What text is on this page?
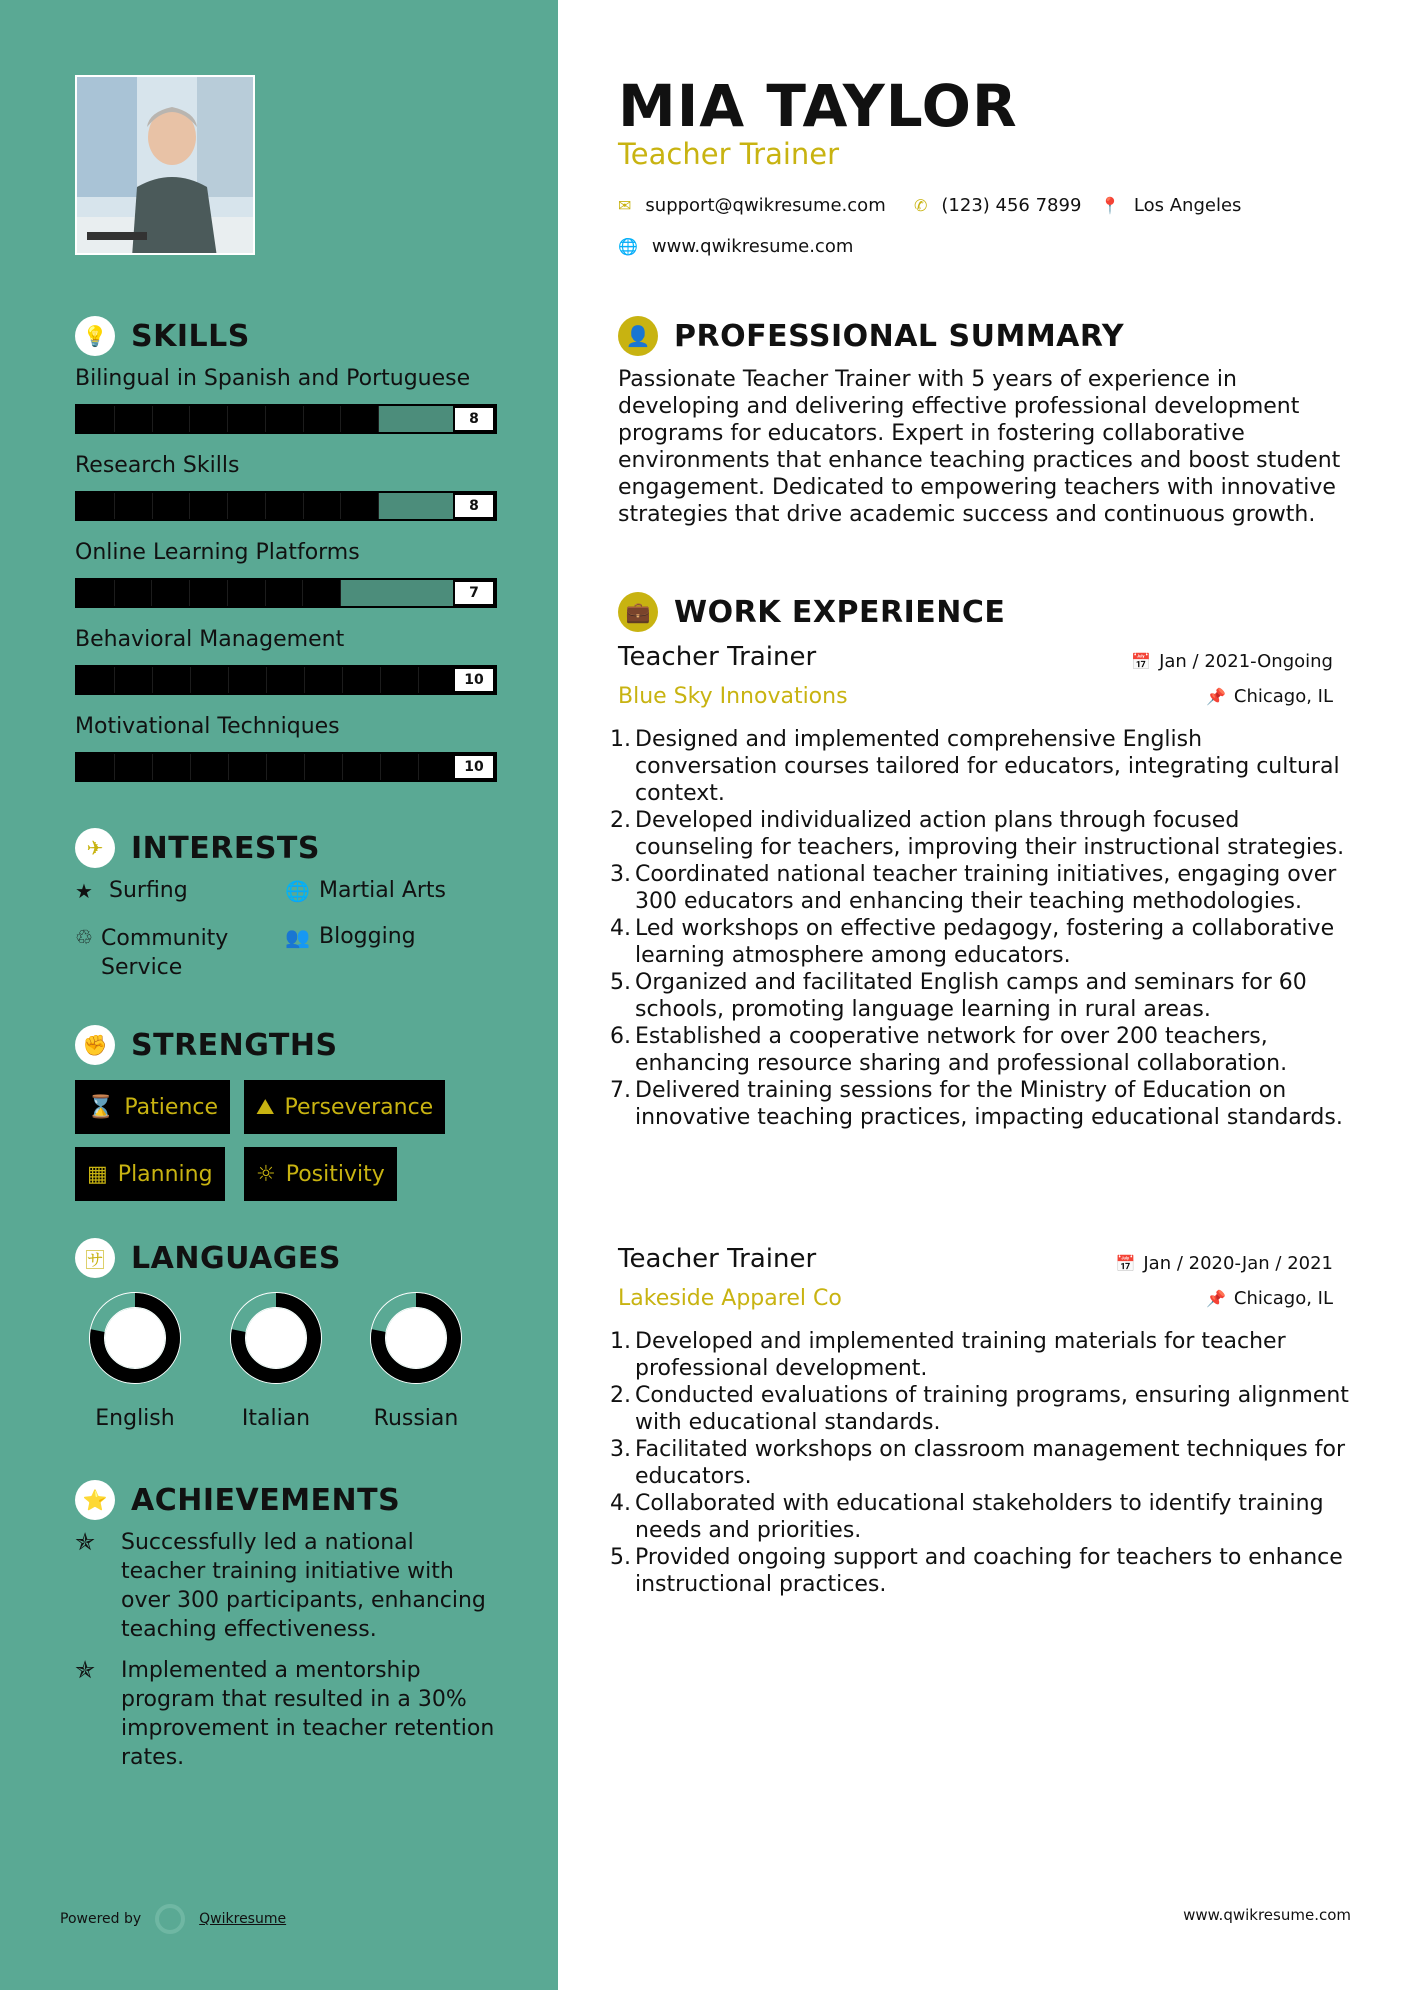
💡 SKILLS
Bilingual in Spanish and Portuguese
8
Research Skills
8
Online Learning Platforms
7
Behavioral Management
10
Motivational Techniques
10
✈ INTERESTS
★ Surfing	🌐 Martial Arts
♲ Community Service
👥 Blogging
✊ STRENGTHS
⌛ Patience ⛰ Perseverance
▦ Planning ☼ Positivity
🈂 LANGUAGES
English	Italian	Russian
⭐ ACHIEVEMENTS
✯	Successfully led a national teacher training initiative with over 300 participants, enhancing teaching effectiveness.
✯	Implemented a mentorship program that resulted in a 30% improvement in teacher retention rates.
Powered by	Qwikresume
MIA TAYLOR
Teacher Trainer
✉ support@qwikresume.com ✆ (123) 456 7899 📍 Los Angeles
🌐 www.qwikresume.com
👤 PROFESSIONAL SUMMARY
Passionate Teacher Trainer with 5 years of experience in developing and delivering effective professional development programs for educators. Expert in fostering collaborative environments that enhance teaching practices and boost student engagement. Dedicated to empowering teachers with innovative strategies that drive academic success and continuous growth.
💼 WORK EXPERIENCE
Teacher Trainer	📅 Jan / 2021-Ongoing
Blue Sky Innovations	📌 Chicago, IL
1. Designed and implemented comprehensive English conversation courses tailored for educators, integrating cultural context.
2. Developed individualized action plans through focused counseling for teachers, improving their instructional strategies.
3. Coordinated national teacher training initiatives, engaging over 300 educators and enhancing their teaching methodologies.
4. Led workshops on effective pedagogy, fostering a collaborative learning atmosphere among educators.
5. Organized and facilitated English camps and seminars for 60 schools, promoting language learning in rural areas.
6. Established a cooperative network for over 200 teachers, enhancing resource sharing and professional collaboration.
7. Delivered training sessions for the Ministry of Education on innovative teaching practices, impacting educational standards.
Teacher Trainer	📅 Jan / 2020-Jan / 2021
Lakeside Apparel Co	📌 Chicago, IL
1. Developed and implemented training materials for teacher professional development.
2. Conducted evaluations of training programs, ensuring alignment with educational standards.
3. Facilitated workshops on classroom management techniques for educators.
4. Collaborated with educational stakeholders to identify training needs and priorities.
5. Provided ongoing support and coaching for teachers to enhance instructional practices.
www.qwikresume.com
